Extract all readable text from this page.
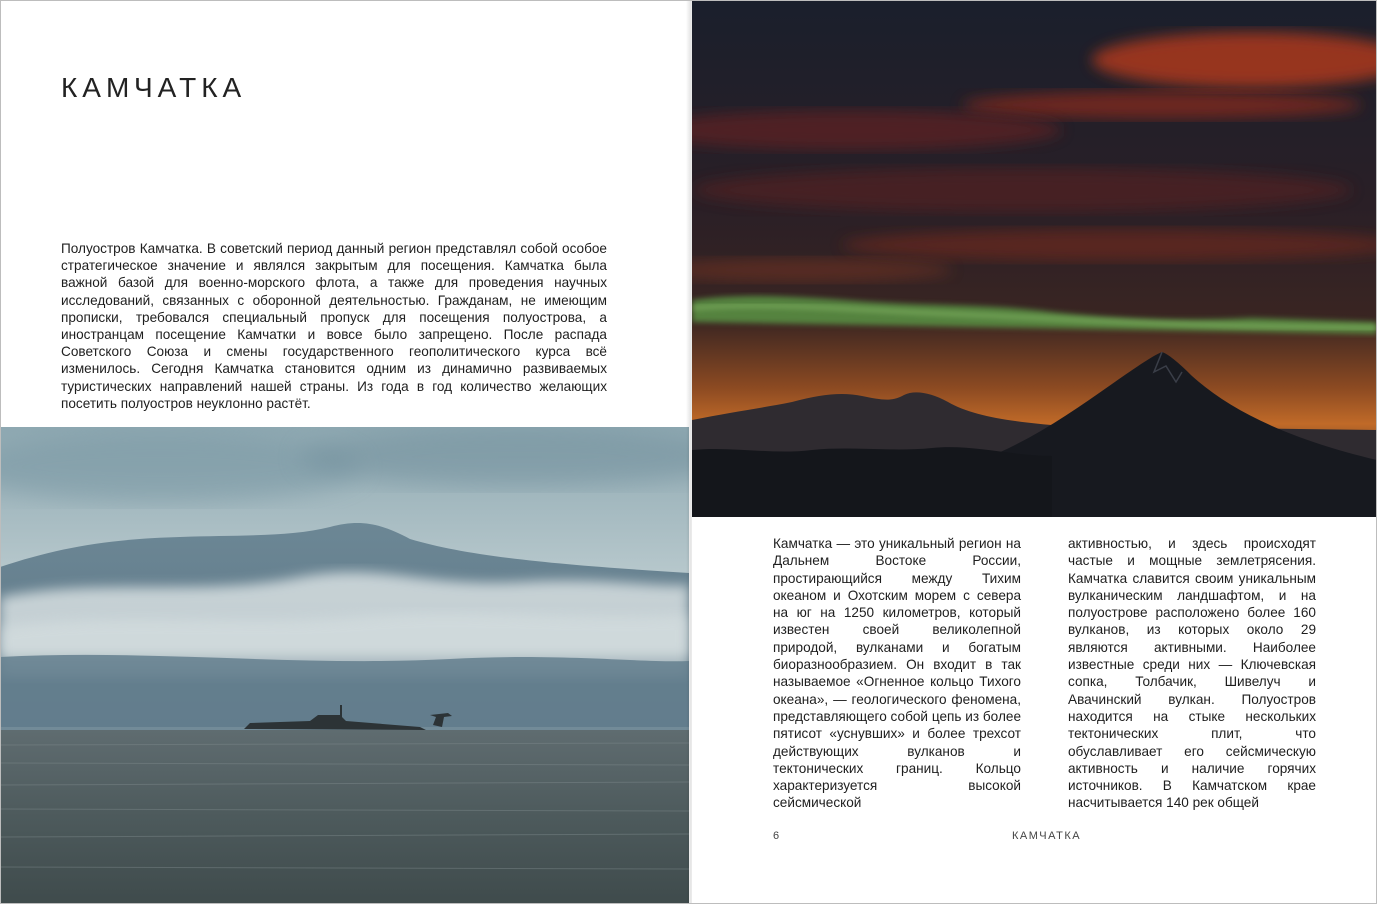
КАМЧАТКА

Полуостров Камчатка. В советский период данный регион представлял собой особое стратегическое значение и являлся закрытым для посещения. Камчатка была важной базой для военно-морского флота, а также для проведения научных исследований, связанных с оборонной деятельностью. Гражданам, не имеющим прописки, требовался специальный пропуск для посещения полуострова, а иностранцам посещение Камчатки и вовсе было запрещено. После распада Советского Союза и смены государственного геополитического курса всё изменилось. Сегодня Камчатка становится одним из динамично развиваемых туристических направлений нашей страны. Из года в год количество желающих посетить полуостров неуклонно растёт.

Камчатка — это уникальный регион на Дальнем Востоке России, простирающийся между Тихим океаном и Охотским морем с севера на юг на 1250 километров, который известен своей великолепной природой, вулканами и богатым биоразнообразием. Он входит в так называемое «Огненное кольцо Тихого океана», — геологического феномена, представляющего собой цепь из более пятисот «уснувших» и более трехсот действующих вулканов и тектонических границ. Кольцо характеризуется высокой сейсмической

активностью, и здесь происходят частые и мощные землетрясения. Камчатка славится своим уникальным вулканическим ландшафтом, и на полуострове расположено более 160 вулканов, из которых около 29 являются активными. Наиболее известные среди них — Ключевская сопка, Толбачик, Шивелуч и Авачинский вулкан. Полуостров находится на стыке нескольких тектонических плит, что обуславливает его сейсмическую активность и наличие горячих источников. В Камчатском крае насчитывается 140 рек общей

6	КАМЧАТКА
